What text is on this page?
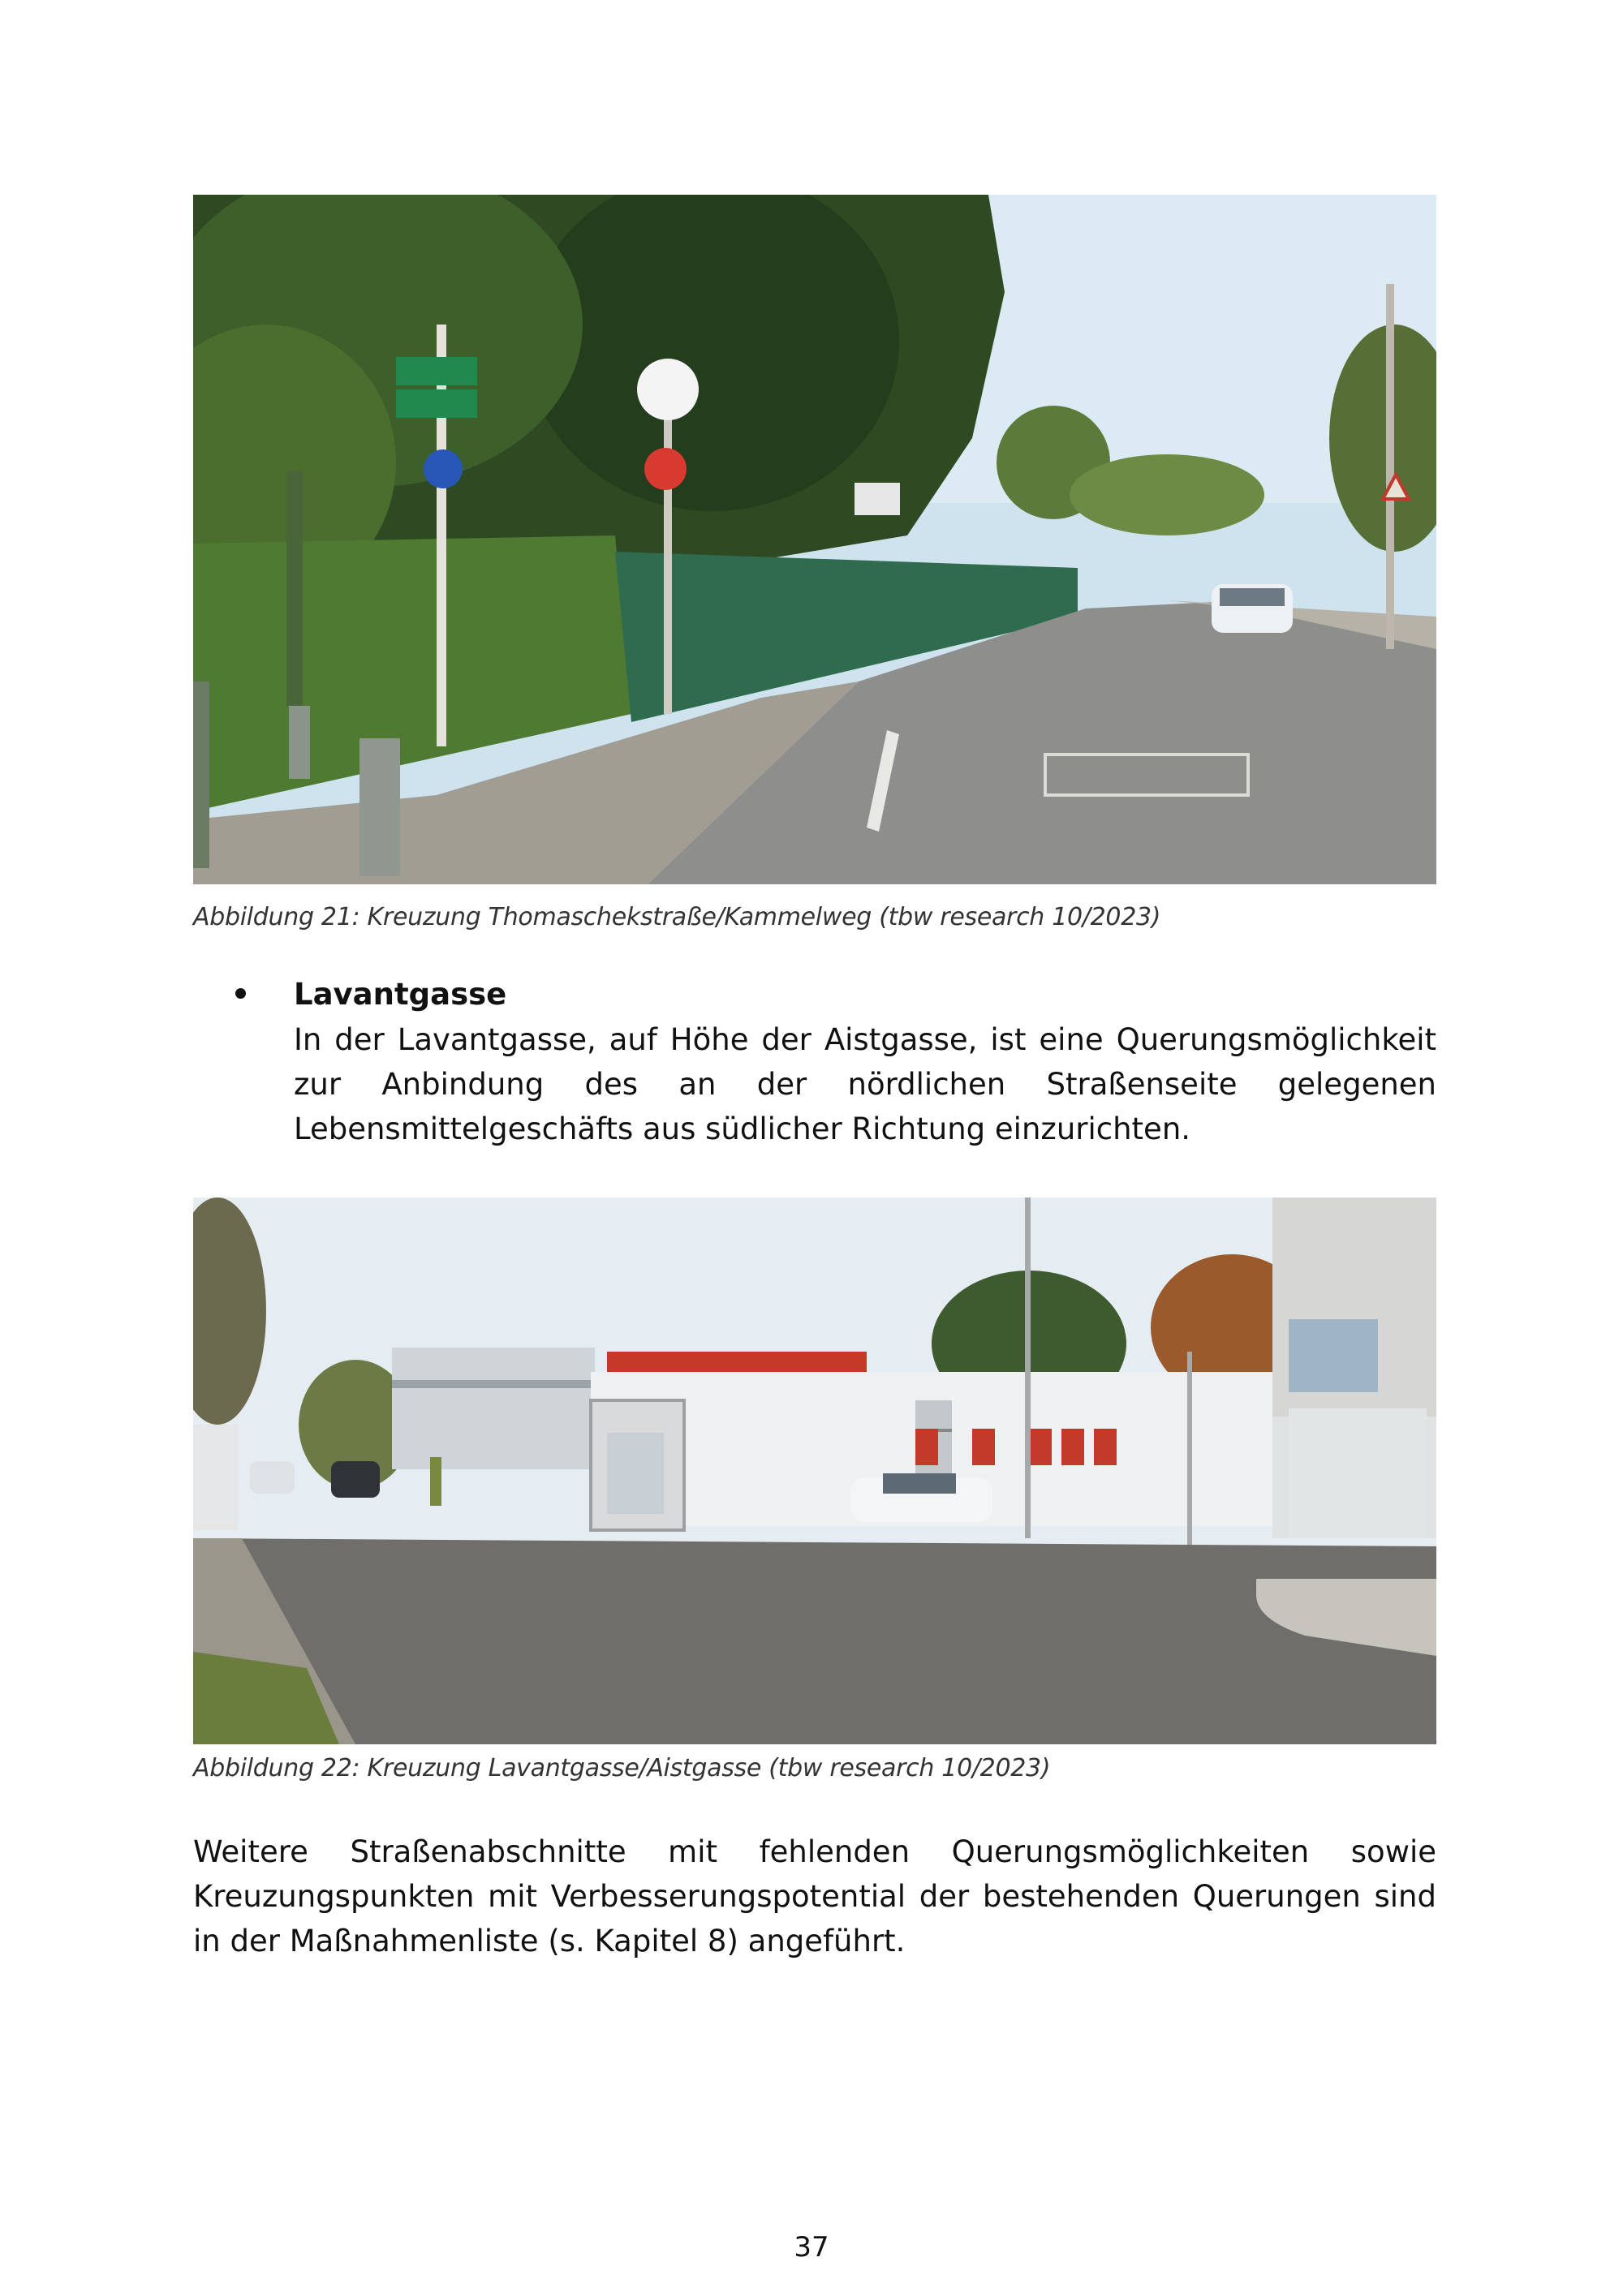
Abbildung 21: Kreuzung Thomaschekstraße/Kammelweg (tbw research 10/2023)
Lavantgasse
In der Lavantgasse, auf Höhe der Aistgasse, ist eine Querungsmöglichkeit zur Anbindung des an der nördlichen Straßenseite gelegenen Lebensmittelgeschäfts aus südlicher Richtung einzurichten.
Abbildung 22: Kreuzung Lavantgasse/Aistgasse (tbw research 10/2023)
Weitere Straßenabschnitte mit fehlenden Querungsmöglichkeiten sowie Kreuzungspunkten mit Verbesserungspotential der bestehenden Querungen sind in der Maßnahmenliste (s. Kapitel 8) angeführt.
37
